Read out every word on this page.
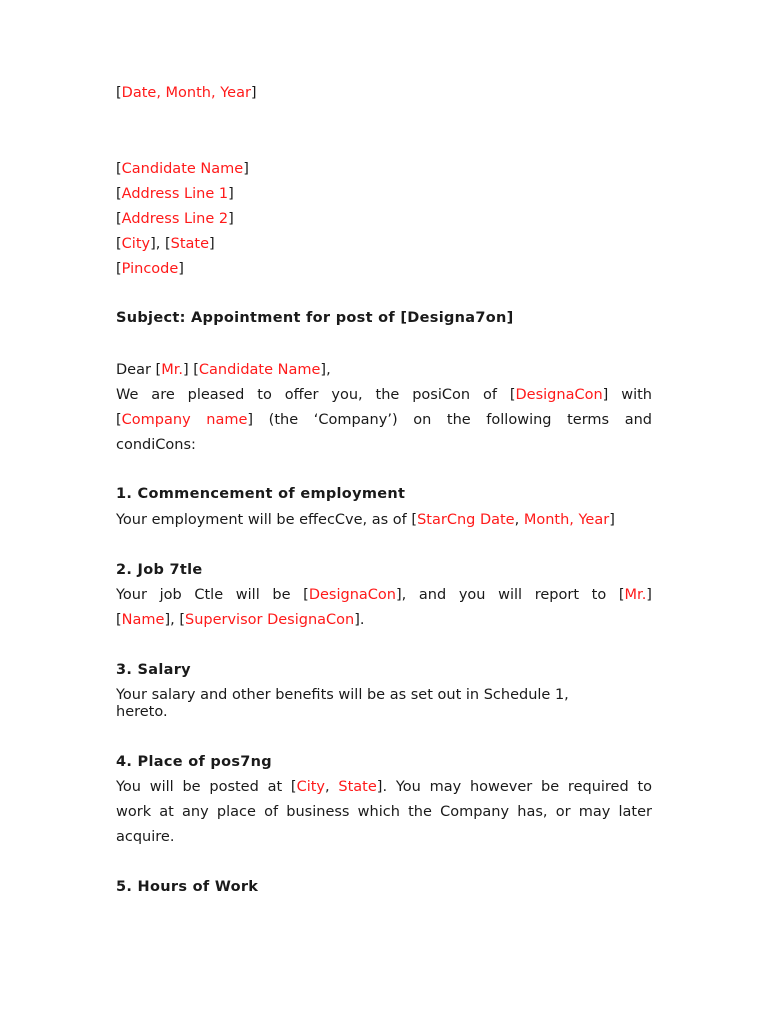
[Date, Month, Year]
[Candidate Name]
[Address Line 1]
[Address Line 2]
[City], [State]
[Pincode]
Subject: Appointment for post of [Designa7on]
Dear [Mr.] [Candidate Name],
We are pleased to offer you, the posiCon of [DesignaCon] with
[Company name] (the ‘Company’) on the following terms and
condiCons:
1. Commencement of employment
Your employment will be effecCve, as of [StarCng Date, Month, Year]
2. Job 7tle
Your job Ctle will be [DesignaCon], and you will report to [Mr.]
[Name], [Supervisor DesignaCon].
3. Salary
Your salary and other benefits will be as set out in Schedule 1,
hereto.
4. Place of pos7ng
You will be posted at [City, State]. You may however be required to
work at any place of business which the Company has, or may later
acquire.
5. Hours of Work
